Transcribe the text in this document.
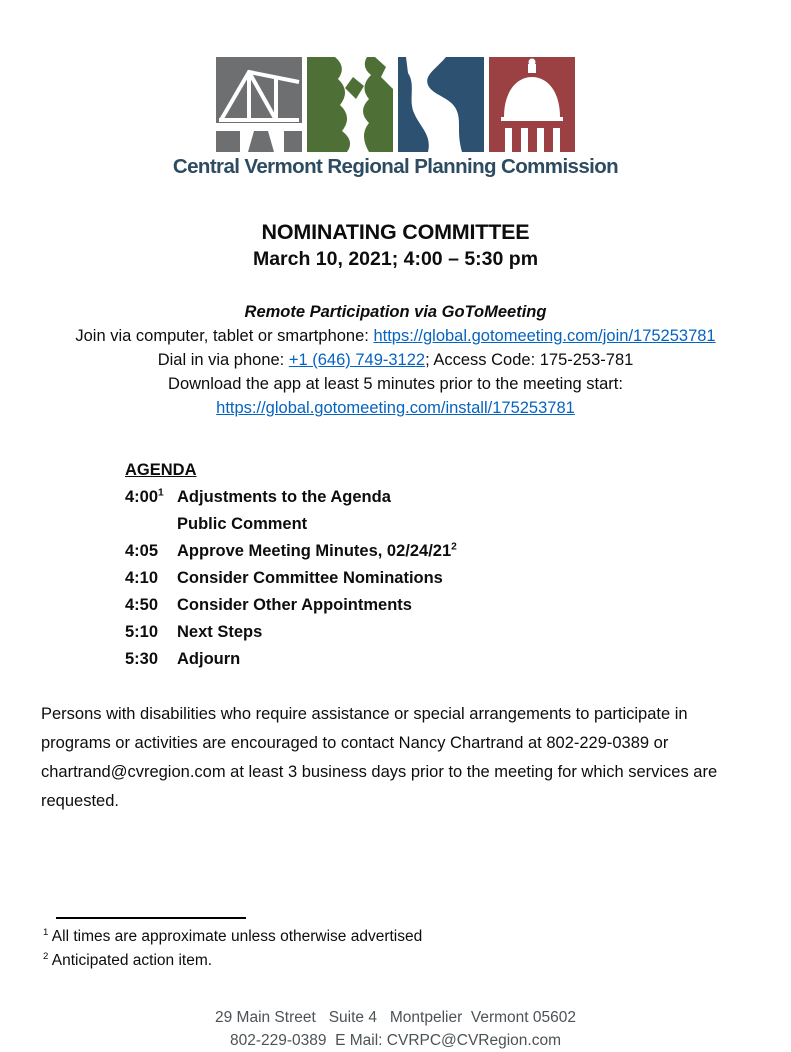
Central Vermont Regional Planning Commission
NOMINATING COMMITTEE
March 10, 2021; 4:00 – 5:30 pm
Remote Participation via GoToMeeting
Join via computer, tablet or smartphone: https://global.gotomeeting.com/join/175253781
Dial in via phone: +1 (646) 749-3122; Access Code: 175-253-781
Download the app at least 5 minutes prior to the meeting start:
https://global.gotomeeting.com/install/175253781
AGENDA
$4:00^1$ Adjustments to the Agenda
Public Comment
4:05	Approve Meeting Minutes, $02/24/21^2$
4:10	Consider Committee Nominations
4:50	Consider Other Appointments
5:10	Next Steps
5:30	Adjourn
Persons with disabilities who require assistance or special arrangements to participate in programs or activities are encouraged to contact Nancy Chartrand at 802-229-0389 or chartrand@cvregion.com at least 3 business days prior to the meeting for which services are requested.
$^1$ All times are approximate unless otherwise advertised
$^2$ Anticipated action item.
29 Main Street   Suite 4   Montpelier  Vermont 05602
802-229-0389  E Mail: CVRPC@CVRegion.com
